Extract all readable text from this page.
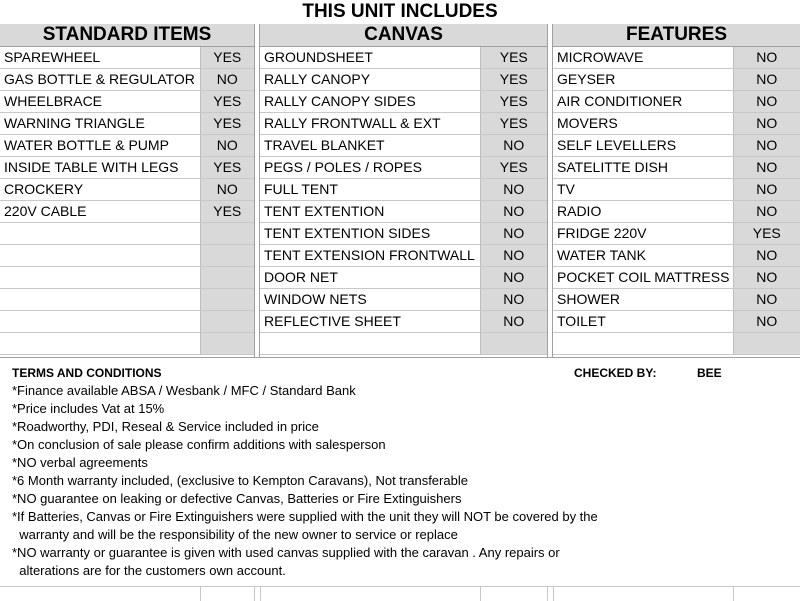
THIS UNIT INCLUDES
STANDARD ITEMS	
SPAREWHEEL	YES
GAS BOTTLE & REGULATOR	NO
WHEELBRACE	YES
WARNING TRIANGLE	YES
WATER BOTTLE & PUMP	NO
INSIDE TABLE WITH LEGS	YES
CROCKERY	NO
220V CABLE	YES

CANVAS	
GROUNDSHEET	YES
RALLY CANOPY	YES
RALLY CANOPY SIDES	YES
RALLY FRONTWALL & EXT	YES
TRAVEL BLANKET	NO
PEGS / POLES / ROPES	YES
FULL TENT	NO
TENT EXTENTION	NO
TENT EXTENTION SIDES	NO
TENT EXTENSION FRONTWALL	NO
DOOR NET	NO
WINDOW NETS	NO
REFLECTIVE SHEET	NO

FEATURES	
MICROWAVE	NO
GEYSER	NO
AIR CONDITIONER	NO
MOVERS	NO
SELF LEVELLERS	NO
SATELITTE DISH	NO
TV	NO
RADIO	NO
FRIDGE 220V	YES
WATER TANK	NO
POCKET COIL MATTRESS	NO
SHOWER	NO
TOILET	NO

TERMS AND CONDITIONS
*Finance available ABSA / Wesbank / MFC / Standard Bank
*Price includes Vat at 15%
*Roadworthy, PDI, Reseal & Service included in price
*On conclusion of sale please confirm additions with salesperson
*NO verbal agreements
*6 Month warranty included, (exclusive to Kempton Caravans), Not transferable
*NO guarantee on leaking or defective Canvas, Batteries or Fire Extinguishers
*If Batteries, Canvas or Fire Extinguishers were supplied with the unit they will NOT be covered by the
warranty and will be the responsibility of the new owner to service or replace
*NO warranty or guarantee is given with used canvas supplied with the caravan . Any repairs or
alterations are for the customers own account.
CHECKED BY:	BEE
